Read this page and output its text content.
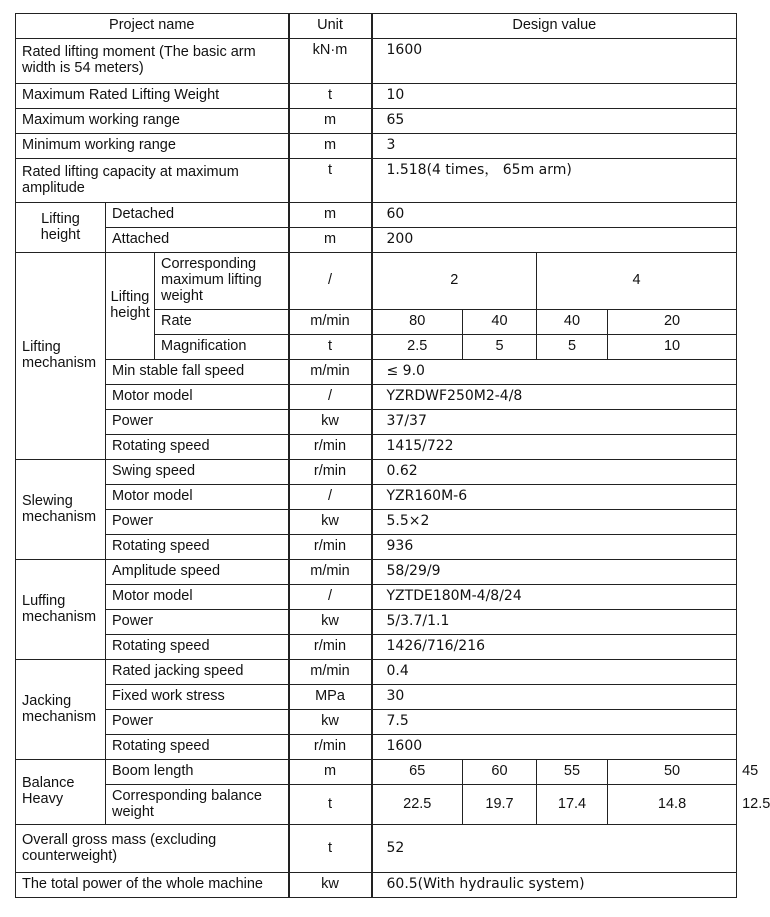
Project name			Unit	Design value				
Rated lifting moment (The basic arm width is 54 meters)			kN·m	1600				
Maximum Rated Lifting Weight			t	10				
Maximum working range			m	65				
Minimum working range			m	3				
Rated lifting capacity at maximum amplitude			t	1.518(4 times， 65m arm)				
Lifting height	Detached		m	60				
	Attached		m	200				
Lifting mechanism	Lifting height	Corresponding maximum lifting weight	/	2		4		
		Rate	m/min	80	40	40	20	
		Magnification	t	2.5	5	5	10	
	Min stable fall speed		m/min	≤ 9.0				
	Motor model		/	YZRDWF250M2-4/8				
	Power		kw	37/37				
	Rotating speed		r/min	1415/722				
Slewing mechanism	Swing speed		r/min	0.62				
	Motor model		/	YZR160M-6				
	Power		kw	5.5×2				
	Rotating speed		r/min	936				
Luffing mechanism	Amplitude speed		m/min	58/29/9				
	Motor model		/	YZTDE180M-4/8/24				
	Power		kw	5/3.7/1.1				
	Rotating speed		r/min	1426/716/216				
Jacking mechanism	Rated jacking speed		m/min	0.4				
	Fixed work stress		MPa	30				
	Power		kw	7.5				
	Rotating speed		r/min	1600				
Balance Heavy	Boom length		m	65	60	55	50	45
	Corresponding balance weight		t	22.5	19.7	17.4	14.8	12.5
Overall gross mass (excluding counterweight)			t	52				
The total power of the whole machine			kw	60.5(With hydraulic system)				
